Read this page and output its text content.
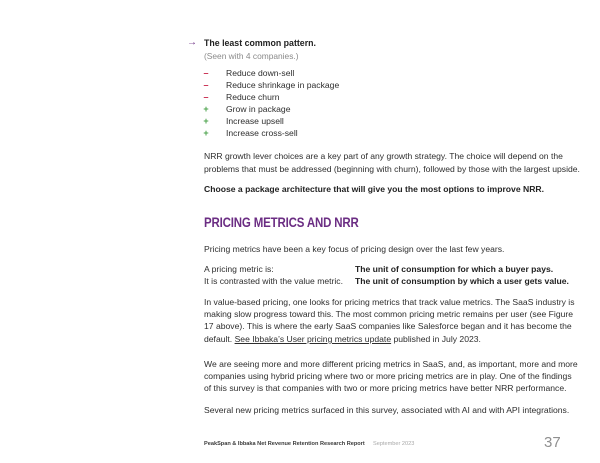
→ The least common pattern.
(Seen with 4 companies.)
– Reduce down-sell
– Reduce shrinkage in package
– Reduce churn
+ Grow in package
+ Increase upsell
+ Increase cross-sell
NRR growth lever choices are a key part of any growth strategy. The choice will depend on the
problems that must be addressed (beginning with churn), followed by those with the largest upside.
Choose a package architecture that will give you the most options to improve NRR.
PRICING METRICS AND NRR
Pricing metrics have been a key focus of pricing design over the last few years.
A pricing metric is:	The unit of consumption for which a buyer pays.
It is contrasted with the value metric. The unit of consumption by which a user gets value.
In value-based pricing, one looks for pricing metrics that track value metrics. The SaaS industry is
making slow progress toward this. The most common pricing metric remains per user (see Figure
17 above). This is where the early SaaS companies like Salesforce began and it has become the
default. See Ibbaka’s User pricing metrics update published in July 2023.
We are seeing more and more different pricing metrics in SaaS, and, as important, more and more
companies using hybrid pricing where two or more pricing metrics are in play. One of the findings
of this survey is that companies with two or more pricing metrics have better NRR performance.
Several new pricing metrics surfaced in this survey, associated with AI and with API integrations.
PeakSpan & Ibbaka Net Revenue Retention Research Report September 2023	37
